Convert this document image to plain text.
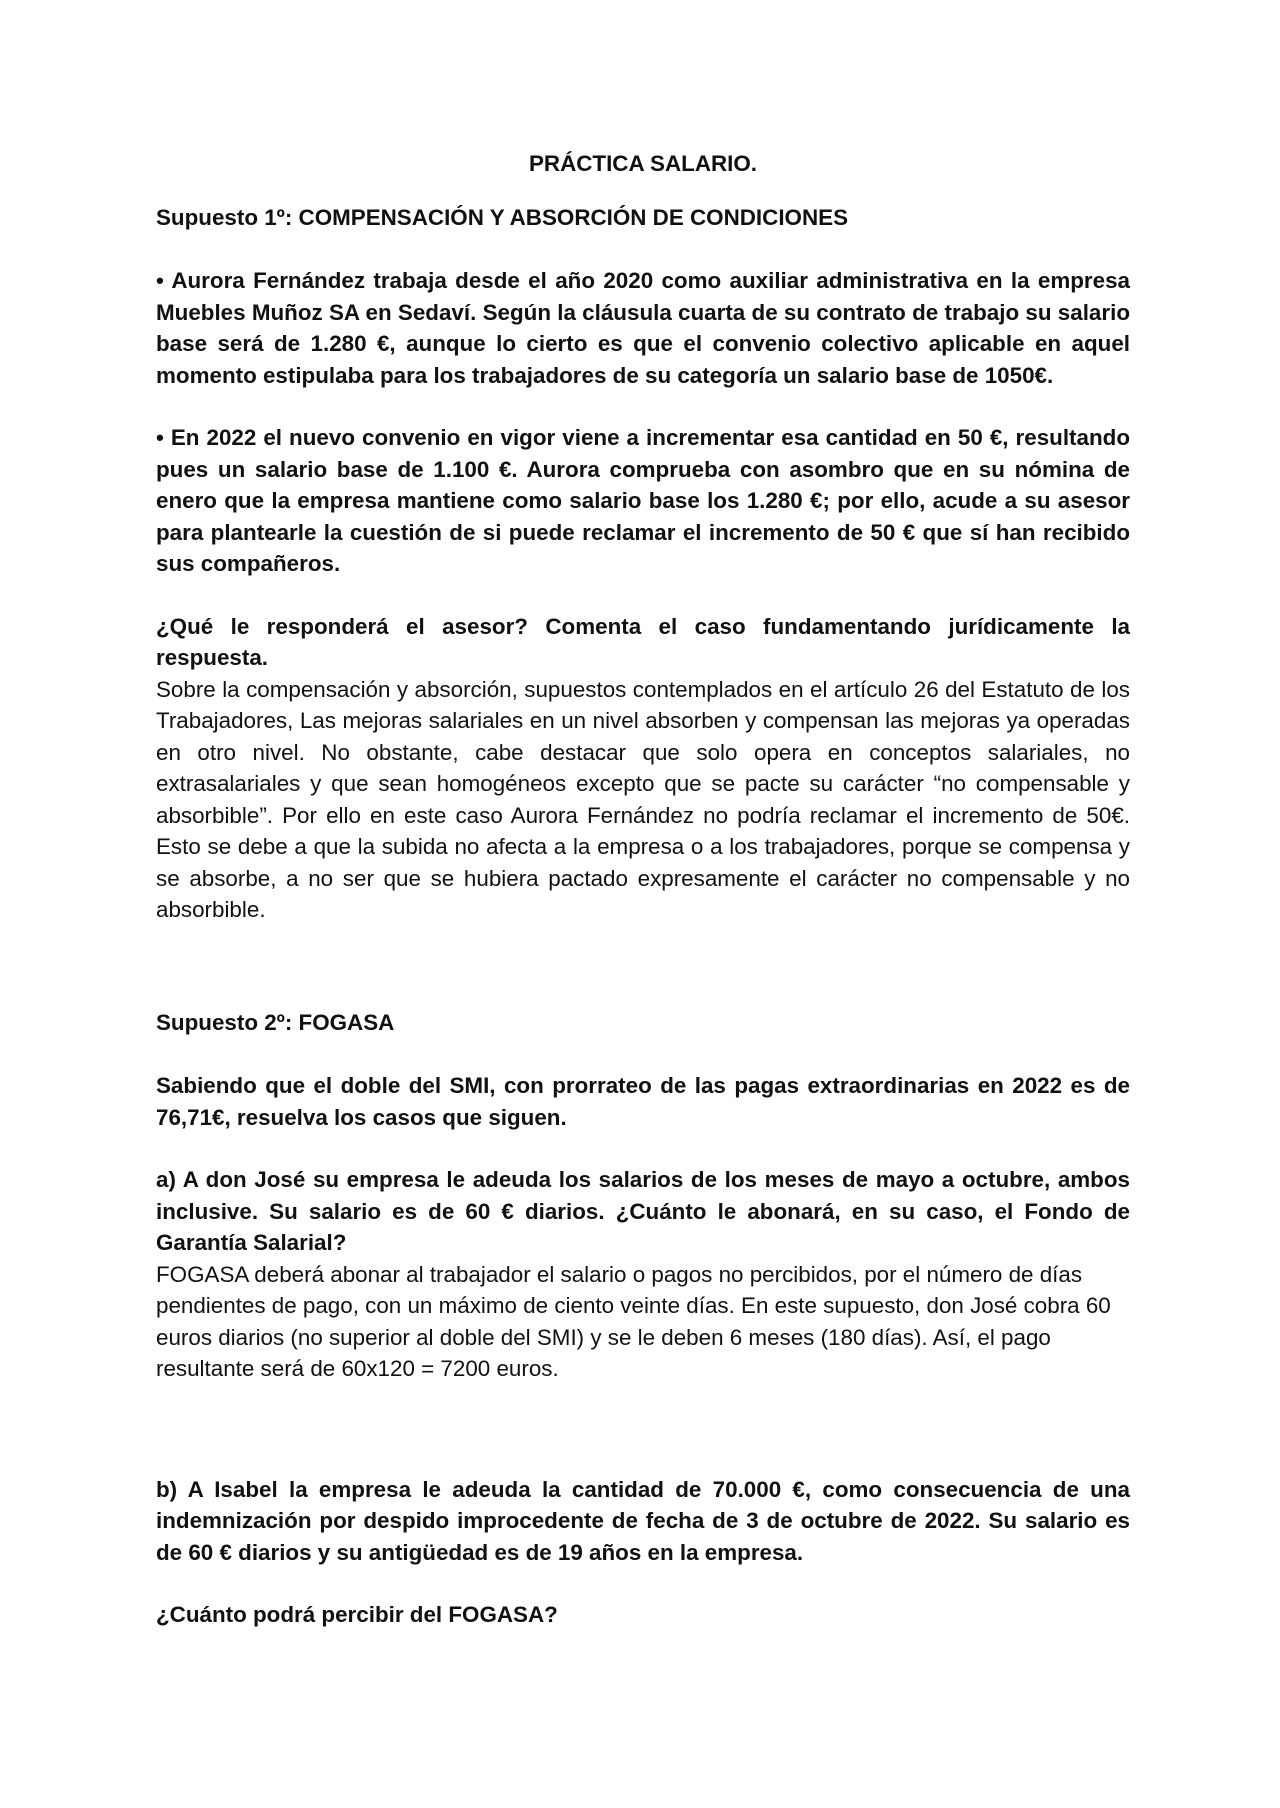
PRÁCTICA SALARIO.

Supuesto 1º: COMPENSACIÓN Y ABSORCIÓN DE CONDICIONES

• Aurora Fernández trabaja desde el año 2020 como auxiliar administrativa en la empresa Muebles Muñoz SA en Sedaví. Según la cláusula cuarta de su contrato de trabajo su salario base será de 1.280 €, aunque lo cierto es que el convenio colectivo aplicable en aquel momento estipulaba para los trabajadores de su categoría un salario base de 1050€.

• En 2022 el nuevo convenio en vigor viene a incrementar esa cantidad en 50 €, resultando pues un salario base de 1.100 €. Aurora comprueba con asombro que en su nómina de enero que la empresa mantiene como salario base los 1.280 €; por ello, acude a su asesor para plantearle la cuestión de si puede reclamar el incremento de 50 € que sí han recibido sus compañeros.

¿Qué le responderá el asesor? Comenta el caso fundamentando jurídicamente la respuesta.

Sobre la compensación y absorción, supuestos contemplados en el artículo 26 del Estatuto de los Trabajadores, Las mejoras salariales en un nivel absorben y compensan las mejoras ya operadas en otro nivel. No obstante, cabe destacar que solo opera en conceptos salariales, no extrasalariales y que sean homogéneos excepto que se pacte su carácter “no compensable y absorbible”. Por ello en este caso Aurora Fernández no podría reclamar el incremento de 50€. Esto se debe a que la subida no afecta a la empresa o a los trabajadores, porque se compensa y se absorbe, a no ser que se hubiera pactado expresamente el carácter no compensable y no absorbible.

Supuesto 2º: FOGASA

Sabiendo que el doble del SMI, con prorrateo de las pagas extraordinarias en 2022 es de 76,71€, resuelva los casos que siguen.

a) A don José su empresa le adeuda los salarios de los meses de mayo a octubre, ambos inclusive. Su salario es de 60 € diarios. ¿Cuánto le abonará, en su caso, el Fondo de Garantía Salarial?

FOGASA deberá abonar al trabajador el salario o pagos no percibidos, por el número de días pendientes de pago, con un máximo de ciento veinte días. En este supuesto, don José cobra 60 euros diarios (no superior al doble del SMI) y se le deben 6 meses (180 días). Así, el pago resultante será de 60x120 = 7200 euros.

b) A Isabel la empresa le adeuda la cantidad de 70.000 €, como consecuencia de una indemnización por despido improcedente de fecha de 3 de octubre de 2022. Su salario es de 60 € diarios y su antigüedad es de 19 años en la empresa.

¿Cuánto podrá percibir del FOGASA?
